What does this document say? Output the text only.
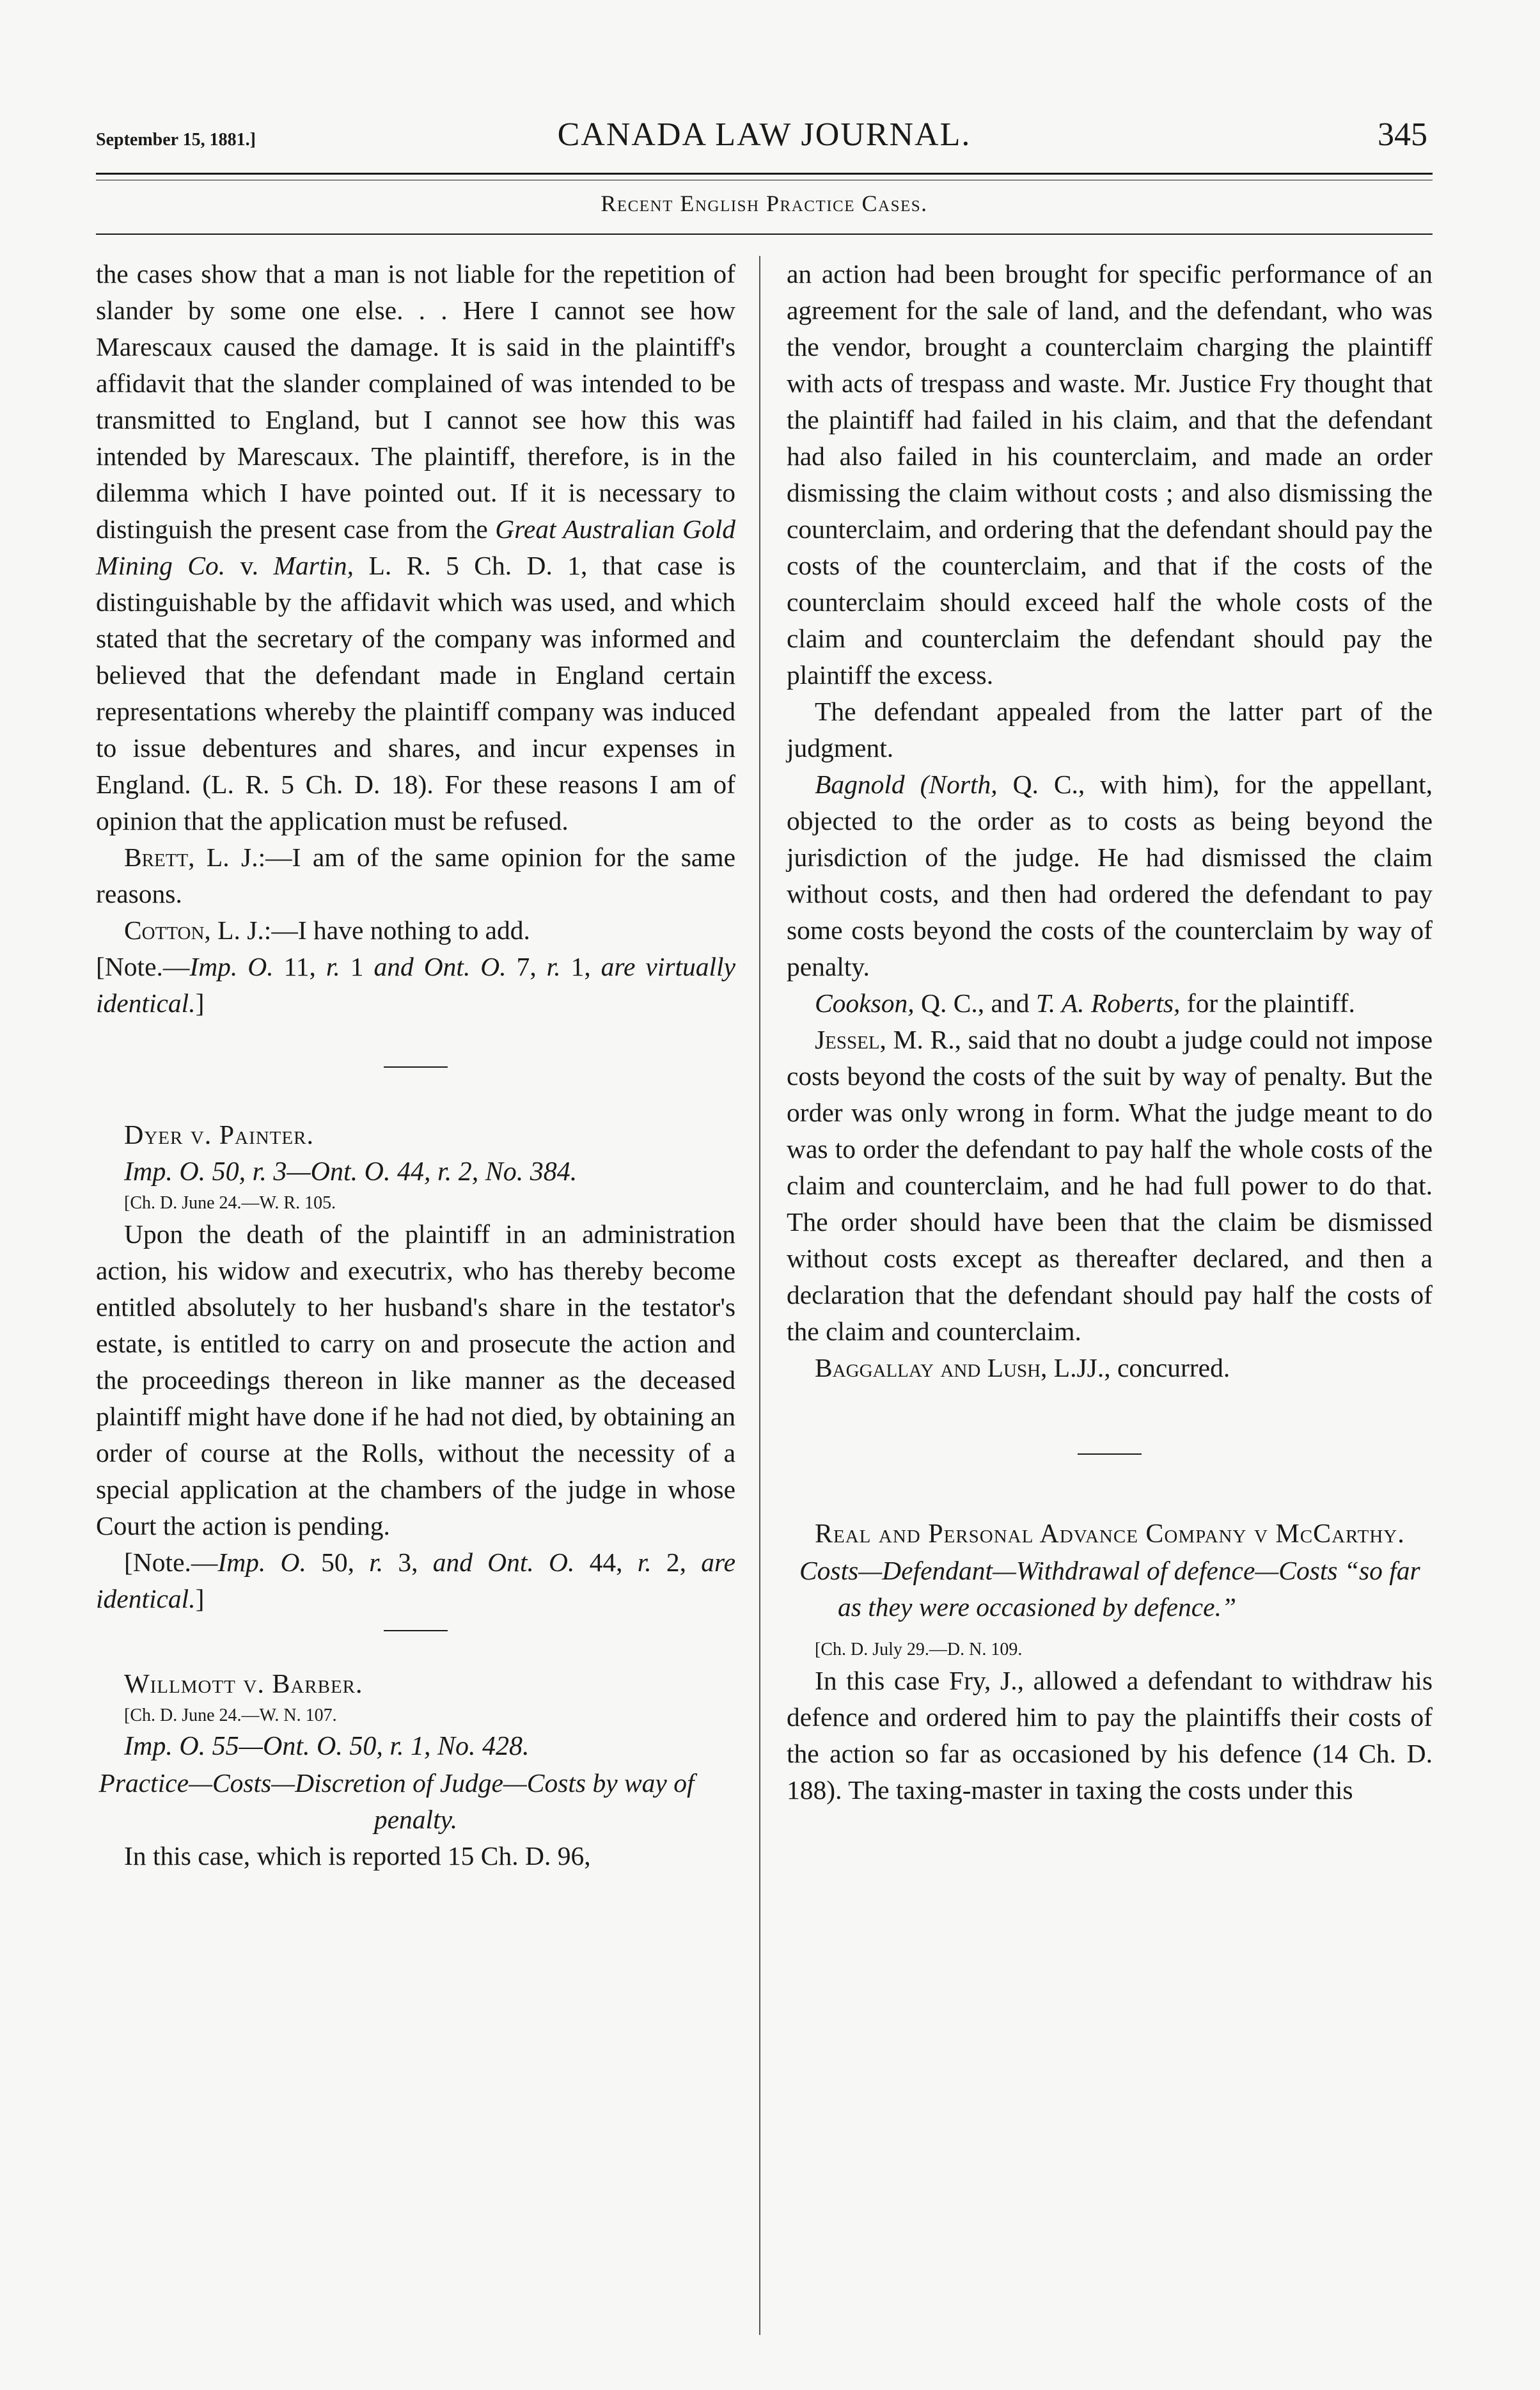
September 15, 1881.]	CANADA LAW JOURNAL.	345
Recent English Practice Cases.

the cases show that a man is not liable for the repetition of slander by some one else. . . Here I cannot see how Marescaux caused the damage. It is said in the plaintiff's affidavit that the slander complained of was intended to be transmitted to England, but I cannot see how this was intended by Marescaux. The plaintiff, therefore, is in the dilemma which I have pointed out. If it is necessary to distinguish the present case from the Great Australian Gold Mining Co. v. Martin, L. R. 5 Ch. D. 1, that case is distinguishable by the affidavit which was used, and which stated that the secretary of the company was informed and believed that the defendant made in England certain representations whereby the plaintiff company was induced to issue debentures and shares, and incur expenses in England. (L. R. 5 Ch. D. 18). For these reasons I am of opinion that the application must be refused.

Brett, L. J.:—I am of the same opinion for the same reasons.

Cotton, L. J.:—I have nothing to add.

[Note.—Imp. O. 11, r. 1 and Ont. O. 7, r. 1, are virtually identical.]

Dyer v. Painter.

Imp. O. 50, r. 3—Ont. O. 44, r. 2, No. 384.

[Ch. D. June 24.—W. R. 105.

Upon the death of the plaintiff in an administration action, his widow and executrix, who has thereby become entitled absolutely to her husband's share in the testator's estate, is entitled to carry on and prosecute the action and the proceedings thereon in like manner as the deceased plaintiff might have done if he had not died, by obtaining an order of course at the Rolls, without the necessity of a special application at the chambers of the judge in whose Court the action is pending.

[Note.—Imp. O. 50, r. 3, and Ont. O. 44, r. 2, are identical.]

Willmott v. Barber.

[Ch. D. June 24.—W. N. 107.

Imp. O. 55—Ont. O. 50, r. 1, No. 428.

Practice—Costs—Discretion of Judge—Costs by way of penalty.

In this case, which is reported 15 Ch. D. 96,

an action had been brought for specific performance of an agreement for the sale of land, and the defendant, who was the vendor, brought a counterclaim charging the plaintiff with acts of trespass and waste. Mr. Justice Fry thought that the plaintiff had failed in his claim, and that the defendant had also failed in his counterclaim, and made an order dismissing the claim without costs ; and also dismissing the counterclaim, and ordering that the defendant should pay the costs of the counterclaim, and that if the costs of the counterclaim should exceed half the whole costs of the claim and counterclaim the defendant should pay the plaintiff the excess.

The defendant appealed from the latter part of the judgment.

Bagnold (North, Q. C., with him), for the appellant, objected to the order as to costs as being beyond the jurisdiction of the judge. He had dismissed the claim without costs, and then had ordered the defendant to pay some costs beyond the costs of the counterclaim by way of penalty.

Cookson, Q. C., and T. A. Roberts, for the plaintiff.

Jessel, M. R., said that no doubt a judge could not impose costs beyond the costs of the suit by way of penalty. But the order was only wrong in form. What the judge meant to do was to order the defendant to pay half the whole costs of the claim and counterclaim, and he had full power to do that. The order should have been that the claim be dismissed without costs except as thereafter declared, and then a declaration that the defendant should pay half the costs of the claim and counterclaim.

Baggallay and Lush, L.JJ., concurred.

Real and Personal Advance Company v McCarthy.

Costs—Defendant—Withdrawal of defence—Costs “so far as they were occasioned by defence.”

[Ch. D. July 29.—D. N. 109.

In this case Fry, J., allowed a defendant to withdraw his defence and ordered him to pay the plaintiffs their costs of the action so far as occasioned by his defence (14 Ch. D. 188). The taxing-master in taxing the costs under this
